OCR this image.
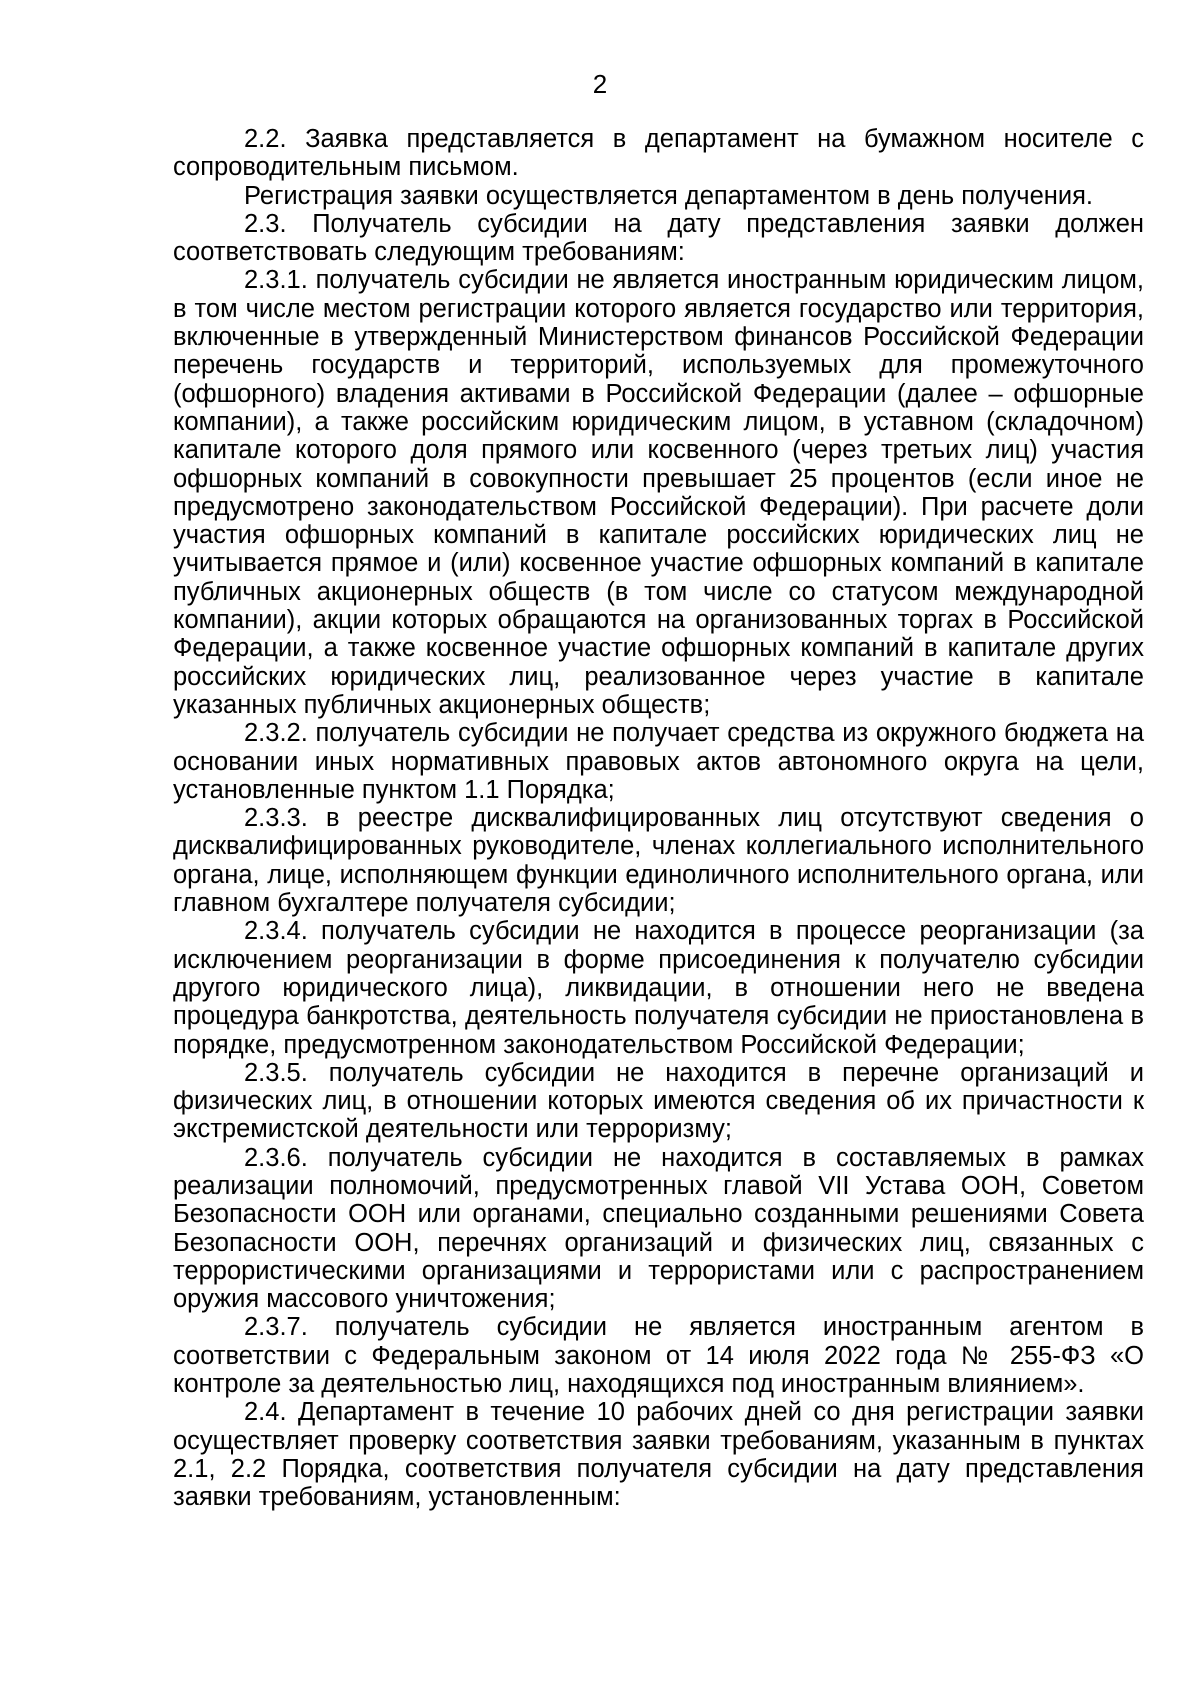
2

2.2. Заявка представляется в департамент на бумажном носителе с сопроводительным письмом.

Регистрация заявки осуществляется департаментом в день получения.

2.3. Получатель субсидии на дату представления заявки должен соответствовать следующим требованиям:

2.3.1. получатель субсидии не является иностранным юридическим лицом, в том числе местом регистрации которого является государство или территория, включенные в утвержденный Министерством финансов Российской Федерации перечень государств и территорий, используемых для промежуточного (офшорного) владения активами в Российской Федерации (далее – офшорные компании), а также российским юридическим лицом, в уставном (складочном) капитале которого доля прямого или косвенного (через третьих лиц) участия офшорных компаний в совокупности превышает 25 процентов (если иное не предусмотрено законодательством Российской Федерации). При расчете доли участия офшорных компаний в капитале российских юридических лиц не учитывается прямое и (или) косвенное участие офшорных компаний в капитале публичных акционерных обществ (в том числе со статусом международной компании), акции которых обращаются на организованных торгах в Российской Федерации, а также косвенное участие офшорных компаний в капитале других российских юридических лиц, реализованное через участие в капитале указанных публичных акционерных обществ;

2.3.2. получатель субсидии не получает средства из окружного бюджета на основании иных нормативных правовых актов автономного округа на цели, установленные пунктом 1.1 Порядка;

2.3.3. в реестре дисквалифицированных лиц отсутствуют сведения о дисквалифицированных руководителе, членах коллегиального исполнительного органа, лице, исполняющем функции единоличного исполнительного органа, или главном бухгалтере получателя субсидии;

2.3.4. получатель субсидии не находится в процессе реорганизации (за исключением реорганизации в форме присоединения к получателю субсидии другого юридического лица), ликвидации, в отношении него не введена процедура банкротства, деятельность получателя субсидии не приостановлена в порядке, предусмотренном законодательством Российской Федерации;

2.3.5. получатель субсидии не находится в перечне организаций и физических лиц, в отношении которых имеются сведения об их причастности к экстремистской деятельности или терроризму;

2.3.6. получатель субсидии не находится в составляемых в рамках реализации полномочий, предусмотренных главой VII Устава ООН, Советом Безопасности ООН или органами, специально созданными решениями Совета Безопасности ООН, перечнях организаций и физических лиц, связанных с террористическими организациями и террористами или с распространением оружия массового уничтожения;

2.3.7. получатель субсидии не является иностранным агентом в соответствии с Федеральным законом от 14 июля 2022 года № 255-ФЗ «О контроле за деятельностью лиц, находящихся под иностранным влиянием».

2.4. Департамент в течение 10 рабочих дней со дня регистрации заявки осуществляет проверку соответствия заявки требованиям, указанным в пунктах 2.1, 2.2 Порядка, соответствия получателя субсидии на дату представления заявки требованиям, установленным:
